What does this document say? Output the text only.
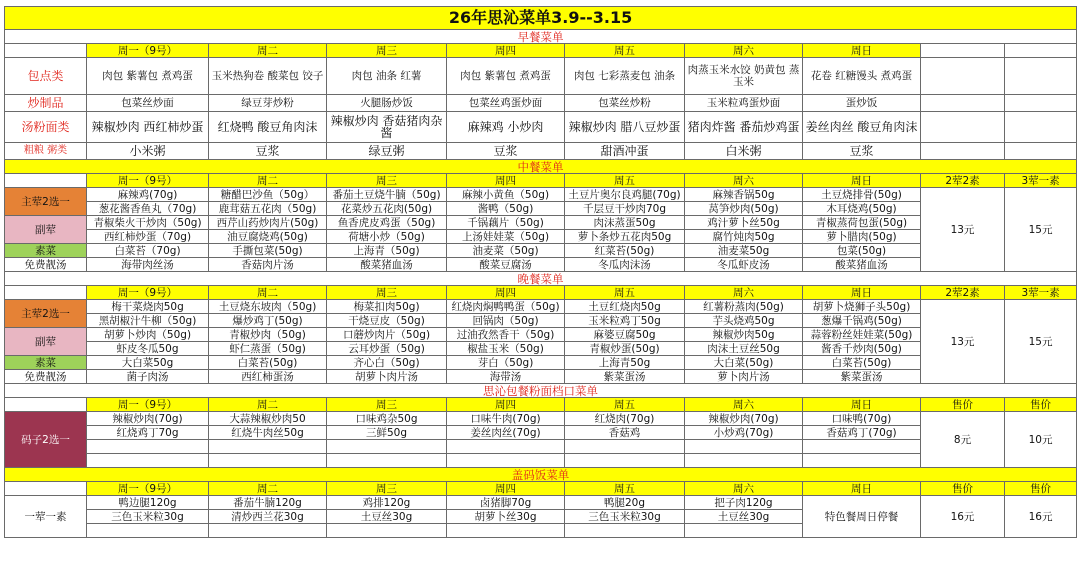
26年思沁菜单3.9--3.15									
早餐菜单									
	周一（9号）	周二	周三	周四	周五	周六	周日		
包点类	肉包 紫薯包 煮鸡蛋	玉米热狗卷 酸菜包 饺子	肉包 油条 红薯	肉包 紫薯包 煮鸡蛋	肉包 七彩蒸麦包 油条	肉蒸玉米水饺 奶黄包 蒸玉米	花卷 红糖馒头 煮鸡蛋		
炒制品	包菜丝炒面	绿豆芽炒粉	火腿肠炒饭	包菜丝鸡蛋炒面	包菜丝炒粉	玉米粒鸡蛋炒面	蛋炒饭		
汤粉面类	辣椒炒肉 西红柿炒蛋	红烧鸭 酸豆角肉沫	辣椒炒肉 香菇猪肉杂酱	麻辣鸡 小炒肉	辣椒炒肉 腊八豆炒蛋	猪肉炸酱 番茄炒鸡蛋	姜丝肉丝 酸豆角肉沫		
粗粮 粥类	小米粥	豆浆	绿豆粥	豆浆	甜酒冲蛋	白米粥	豆浆		
中餐菜单									
	周一（9号）	周二	周三	周四	周五	周六	周日	2荤2素	3荤一素
主荤2选一	麻辣鸡(70g)	糖醋巴沙鱼（50g）	番茄土豆烧牛腩（50g)	麻辣小黄鱼（50g)	土豆片奥尔良鸡腿(70g)	麻辣香锅50g	土豆烧排骨(50g)	13元	15元
	葱花酱香鱼丸（70g)	鹿茸菇五花肉（50g)	花菜炒五花肉(50g)	酱鸭（50g)	千层豆干炒肉70g	莴笋炒肉(50g)	木耳烧鸡(50g)		
副荤	青椒柴火干炒肉（50g)	西芹山药炒肉片(50g)	鱼香虎皮鸡蛋（50g)	千锅藕片（50g)	肉沫蒸蛋50g	鸡汁萝卜丝50g	青椒蒸荷包蛋(50g)		
	西红柿炒蛋（70g)	油豆腐烧鸡(50g)	荷塘小炒（50g)	上汤娃娃菜（50g)	萝卜条炒五花肉50g	腐竹炖肉50g	萝卜腊肉(50g)		
素菜	白菜苔（70g)	手撕包菜(50g)	上海青（50g)	油麦菜（50g)	红菜苔(50g)	油麦菜50g	包菜(50g)		
免费靓汤	海带肉丝汤	香菇肉片汤	酸菜猪血汤	酸菜豆腐汤	冬瓜肉沫汤	冬瓜虾皮汤	酸菜猪血汤		
晚餐菜单									
	周一（9号）	周二	周三	周四	周五	周六	周日	2荤2素	3荤一素
主荤2选一	梅干菜烧肉50g	土豆烧东坡肉（50g)	梅菜扣肉50g)	红烧肉焖鸭鸭蛋（50g)	土豆红烧肉50g	红薯粉蒸肉(50g)	胡萝卜烧狮子头50g)	13元	15元
	黑胡椒汁牛柳（50g)	爆炒鸡丁(50g)	干烧豆皮（50g)	回锅肉（50g)	玉米粒鸡丁50g	芋头烧鸡50g	葱爆千锅鸡(50g)		
副荤	胡萝卜炒肉（50g)	青椒炒肉（50g)	口蘑炒肉片（50g)	过油孜然香干（50g)	麻婆豆腐50g	辣椒炒肉50g	蒜蓉粉丝娃娃菜(50g)		
	虾皮冬瓜50g	虾仁蒸蛋（50g)	云耳炒蛋（50g)	椒盐玉米（50g)	青椒炒蛋(50g)	肉沫土豆丝50g	酱香千炒肉(50g)		
素菜	大白菜50g	白菜苔(50g)	齐心白（50g)	芽白（50g)	上海青50g	大白菜(50g)	白菜苔(50g)		
免费靓汤	菌子肉汤	西红柿蛋汤	胡萝卜肉片汤	海带汤	紫菜蛋汤	萝卜肉片汤	紫菜蛋汤		
思沁包餐粉面档口菜单									
	周一（9号）	周二	周三	周四	周五	周六	周日	售价	售价
码子2选一	辣椒炒肉(70g)	大蒜辣椒炒肉50	口味鸡杂50g	口味牛肉(70g)	红烧肉(70g)	辣椒炒肉(70g)	口味鸭(70g)	8元	10元
	红烧鸡丁70g	红烧牛肉丝50g	三鲜50g	姜丝肉丝(70g)	香菇鸡	小炒鸡(70g)	香菇鸡丁(70g)		

盖码饭菜单									
	周一（9号）	周二	周三	周四	周五	周六	周日	售价	售价
一荤一素	鸭边腿120g	番茄牛腩120g	鸡排120g	卤猪脚70g	鸭腿20g	把子肉120g	特色餐周日停餐	16元	16元
	三色玉米粒30g	清炒西兰花30g	土豆丝30g	胡萝卜丝30g	三色玉米粒30g	土豆丝30g			
